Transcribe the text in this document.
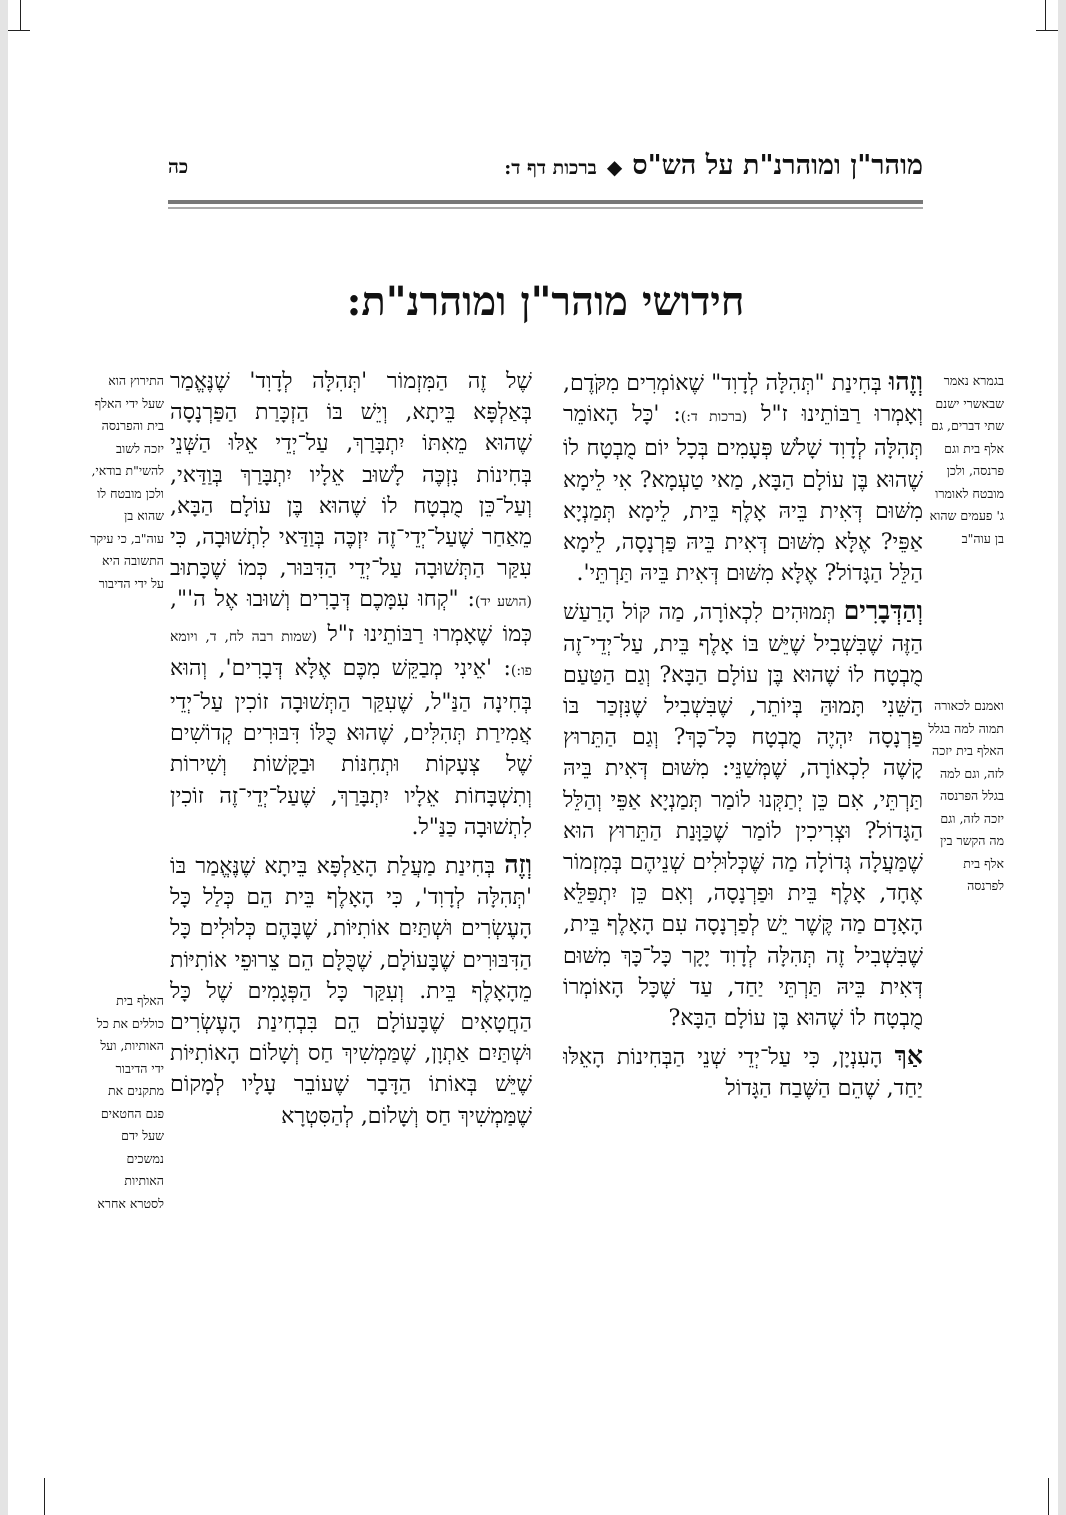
מוהר"ן ומוהרנ"ת על הש"ס◆ברכות דף ד:
כה
חידושי מוהר"ן ומוהרנ"ת:
בגמרא נאמר שבאשרי ישנם שתי דברים, גם אלף בית וגם פרנסה, ולכן מובטח לאומרו ג' פעמים שהוא בן עוה"ב
ואמנם לכאורה תמוה למה בגלל האלף בית יזכה לזה, וגם למה בגלל הפרנסה יזכה לזה, וגם מה הקשר בין אלף בית לפרנסה
התירוץ הוא שעל ידי האלף בית והפרנסה יזכה לשוב להשי"ת בודאי, ולכן מובטח לו שהוא בן עוה"ב, כי עיקר התשובה היא על ידי הדיבור
האלף בית כוללים את כל האותיות, ועל ידי הדיבור מתקנים את פגם החטאים שעל ידם נמשכים האותיות לסטרא אחרא

וְזֶהוּ בְּחִינַת "תְּהִלָּה לְדָוִד" שֶׁאוֹמְרִים מִקֹּדֶם, וְאָמְרוּ רַבּוֹתֵינוּ ז"ל (ברכות ד:): 'כָּל הָאוֹמֵר תְּהִלָּה לְדָוִד שָׁלֹשׁ פְּעָמִים בְּכָל יוֹם מֻבְטָח לוֹ שֶׁהוּא בֶּן עוֹלָם הַבָּא, מַאי טַעְמָא? אִי לֵימָא מִשּׁוּם דְּאִית בֵּיהּ אָלֶף בֵּית, לֵימָא תְּמַנְיָא אַפֵּי? אֶלָּא מִשּׁוּם דְּאִית בֵּיהּ פַּרְנָסָה, לֵימָא הַלֵּל הַגָּדוֹל? אֶלָּא מִשּׁוּם דְּאִית בֵּיהּ תַּרְתֵּי'.

וְהַדְּבָרִים תְּמוּהִים לִכְאוֹרָה, מַה קּוֹל הָרַעַשׁ הַזֶּה שֶׁבִּשְׁבִיל שֶׁיֵּשׁ בּוֹ אָלֶף בֵּית, עַל־יְדֵי־זֶה מֻבְטָח לוֹ שֶׁהוּא בֶּן עוֹלָם הַבָּא? וְגַם הַטַּעַם הַשֵּׁנִי תָּמוּהַּ בְּיוֹתֵר, שֶׁבִּשְׁבִיל שֶׁנִּזְכַּר בּוֹ פַּרְנָסָה יִהְיֶה מֻבְטָח כָּל־כָּךְ? וְגַם הַתֵּרוּץ קָשֶׁה לִכְאוֹרָה, שֶׁמְּשַׁנֵּי: מִשּׁוּם דְּאִית בֵּיהּ תַּרְתֵּי, אִם כֵּן יְתַקְּנוּ לוֹמַר תְּמַנְיָא אַפֵּי וְהַלֵּל הַגָּדוֹל? וּצְרִיכִין לוֹמַר שֶׁכַּוָּנַת הַתֵּרוּץ הוּא שֶׁמַּעֲלָה גְּדוֹלָה מַה שֶּׁכְּלוּלִים שְׁנֵיהֶם בְּמִזְמוֹר אֶחָד, אָלֶף בֵּית וּפַרְנָסָה, וְאִם כֵּן יִתְפַּלֵּא הָאָדָם מַה קֶּשֶׁר יֵשׁ לְפַרְנָסָה עִם הָאָלֶף בֵּית, שֶׁבִּשְׁבִיל זֶה תְּהִלָּה לְדָוִד יָקָר כָּל־כָּךְ מִשּׁוּם דְּאִית בֵּיהּ תַּרְתֵּי יַחַד, עַד שֶׁכָּל הָאוֹמְרוֹ מֻבְטָח לוֹ שֶׁהוּא בֶּן עוֹלָם הַבָּא?

אַךְ הָעִנְיָן, כִּי עַל־יְדֵי שְׁנֵי הַבְּחִינוֹת הָאֵלּוּ יַחַד, שֶׁהֵם הַשֶּׁבַח הַגָּדוֹל

שֶׁל זֶה הַמִּזְמוֹר 'תְּהִלָּה לְדָוִד' שֶׁנֶּאֱמַר בְּאַלְפָּא בֵּיתָא, וְיֵשׁ בּוֹ הַזְכָּרַת הַפַּרְנָסָה שֶׁהוּא מֵאִתּוֹ יִתְבָּרַךְ, עַל־יְדֵי אֵלּוּ הַשְּׁנֵי בְּחִינוֹת נִזְכֶּה לָשׁוּב אֵלָיו יִתְבָּרַךְ בְּוַדַּאי, וְעַל־כֵּן מֻבְטָח לוֹ שֶׁהוּא בֶּן עוֹלָם הַבָּא, מֵאַחַר שֶׁעַל־יְדֵי־זֶה יִזְכֶּה בְּוַדַּאי לִתְשׁוּבָה, כִּי עִקַּר הַתְּשׁוּבָה עַל־יְדֵי הַדִּבּוּר, כְּמוֹ שֶׁכָּתוּב (הושע יד): "קְחוּ עִמָּכֶם דְּבָרִים וְשׁוּבוּ אֶל ה'", כְּמוֹ שֶׁאָמְרוּ רַבּוֹתֵינוּ ז"ל (שמות רבה לח, ד, ויומא פו:): 'אֵינִי מְבַקֵּשׁ מִכֶּם אֶלָּא דְּבָרִים', וְהוּא בְּחִינָה הַנַּ"ל, שֶׁעִקַּר הַתְּשׁוּבָה זוֹכִין עַל־יְדֵי אֲמִירַת תְּהִלִּים, שֶׁהוּא כֻּלּוֹ דִּבּוּרִים קְדוֹשִׁים שֶׁל צְעָקוֹת וּתְחִנּוֹת וּבַקָּשׁוֹת וְשִׁירוֹת וְתִשְׁבָּחוֹת אֵלָיו יִתְבָּרַךְ, שֶׁעַל־יְדֵי־זֶה זוֹכִין לִתְשׁוּבָה כַּנַּ"ל.

וְזֶה בְּחִינַת מַעֲלַת הָאַלְפָּא בֵּיתָא שֶׁנֶּאֱמַר בּוֹ 'תְּהִלָּה לְדָוִד', כִּי הָאָלֶף בֵּית הֵם כְּלַל כָּל הָעֶשְׂרִים וּשְׁתַּיִם אוֹתִיּוֹת, שֶׁבָּהֶם כְּלוּלִים כָּל הַדִּבּוּרִים שֶׁבָּעוֹלָם, שֶׁכֻּלָּם הֵם צֵרוּפֵי אוֹתִיּוֹת מֵהָאָלֶף בֵּית. וְעִקַּר כָּל הַפְּגָמִים שֶׁל כָּל הַחֲטָאִים שֶׁבָּעוֹלָם הֵם בִּבְחִינַת הָעֶשְׂרִים וּשְׁתַּיִם אַתְוָן, שֶׁמַּמְשִׁיךְ חַס וְשָׁלוֹם הָאוֹתִיּוֹת שֶׁיֵּשׁ בְּאוֹתוֹ הַדָּבָר שֶׁעוֹבֵר עָלָיו לְמָקוֹם שֶׁמַּמְשִׁיךְ חַס וְשָׁלוֹם, לְהַסִּטְרָא
